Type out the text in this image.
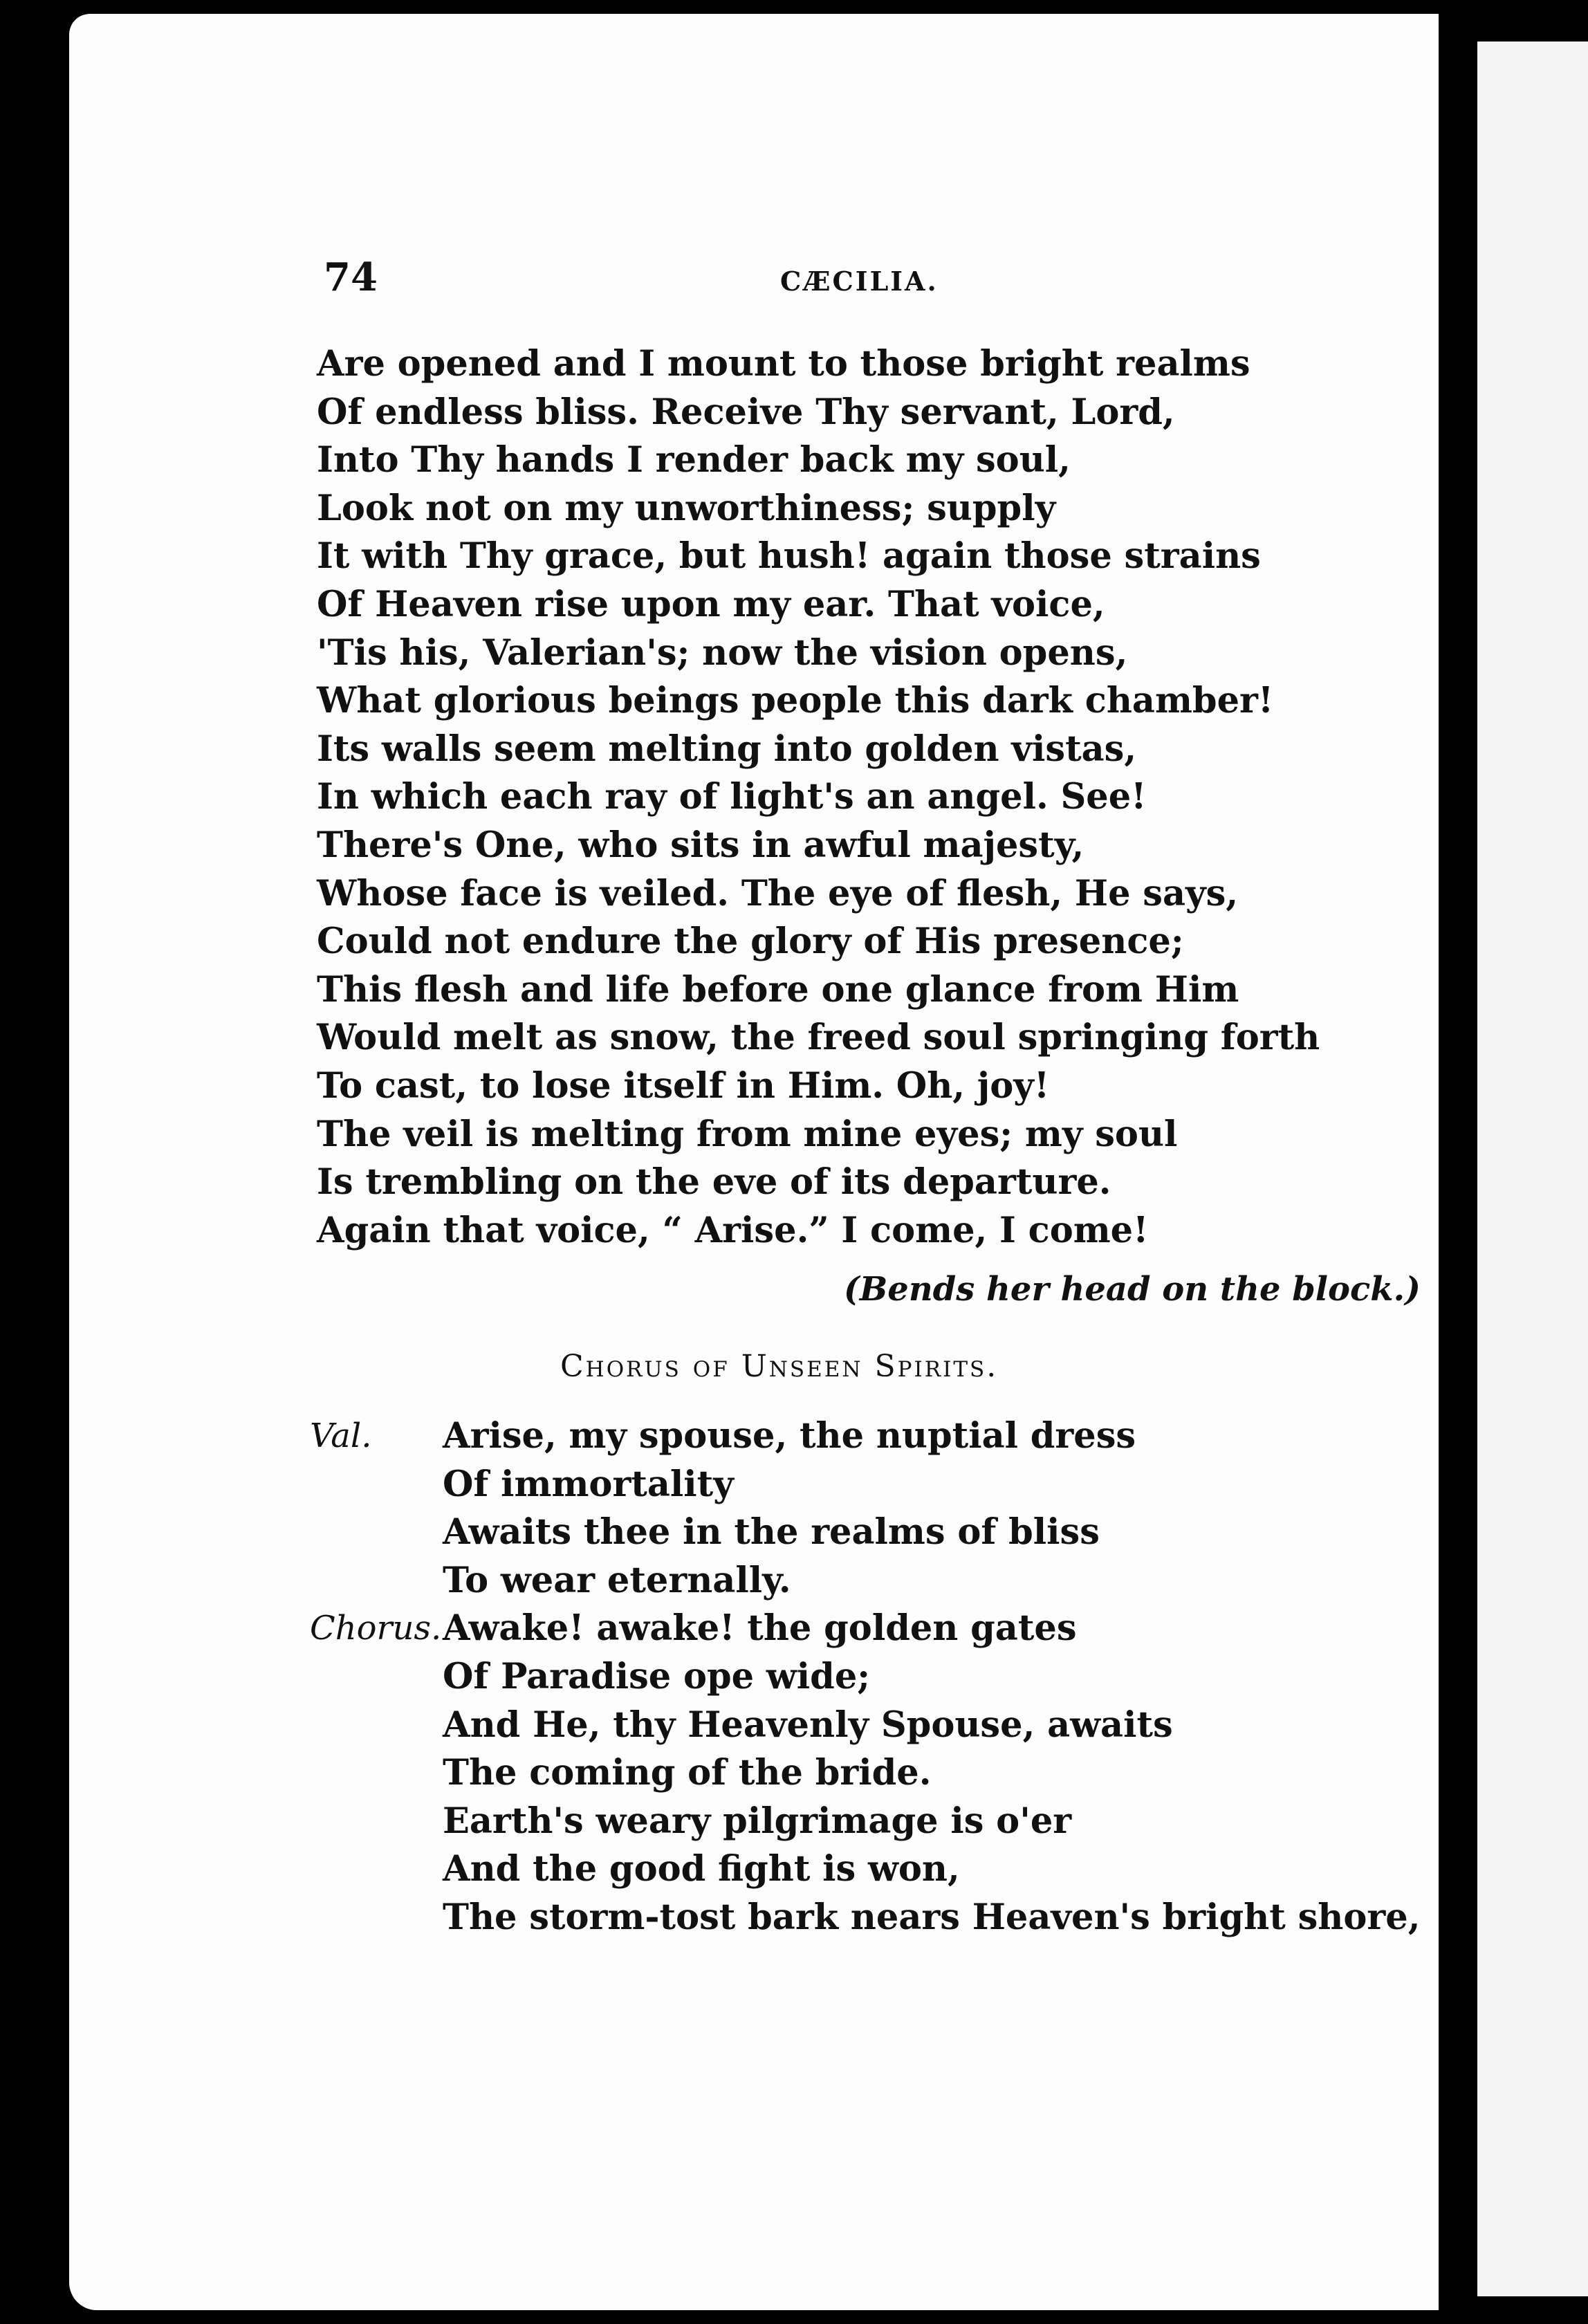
74	CÆCILIA.
Are opened and I mount to those bright realms
Of endless bliss. Receive Thy servant, Lord,
Into Thy hands I render back my soul,
Look not on my unworthiness; supply
It with Thy grace, but hush! again those strains
Of Heaven rise upon my ear. That voice,
'Tis his, Valerian's; now the vision opens,
What glorious beings people this dark chamber!
Its walls seem melting into golden vistas,
In which each ray of light's an angel. See!
There's One, who sits in awful majesty,
Whose face is veiled. The eye of flesh, He says,
Could not endure the glory of His presence;
This flesh and life before one glance from Him
Would melt as snow, the freed soul springing forth
To cast, to lose itself in Him. Oh, joy!
The veil is melting from mine eyes; my soul
Is trembling on the eve of its departure.
Again that voice, “ Arise.” I come, I come!
(Bends her head on the block.)
Chorus of Unseen Spirits.
Val. Arise, my spouse, the nuptial dress
Of immortality
Awaits thee in the realms of bliss
To wear eternally.
Chorus. Awake! awake! the golden gates
Of Paradise ope wide;
And He, thy Heavenly Spouse, awaits
The coming of the bride.
Earth's weary pilgrimage is o'er
And the good fight is won,
The storm-tost bark nears Heaven's bright shore,
